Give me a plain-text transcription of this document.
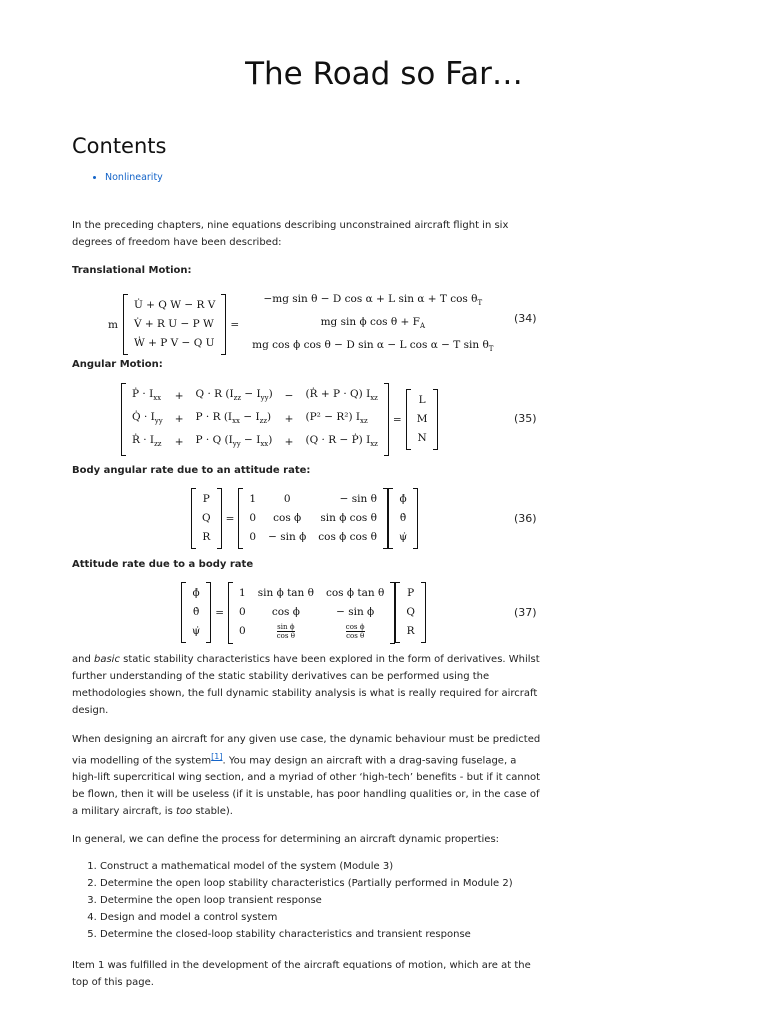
The Road so Far…
Contents
• Nonlinearity

In the preceding chapters, nine equations describing unconstrained aircraft flight in six degrees of freedom have been described:

Translational Motion:

m
U̇ + Q W − R V
V̇ + R U − P W
Ẇ + P V − Q U
=
−mg sin θ − D cos α + L sin α + T $\cos \theta_T$
mg sin ϕ $\cos \theta + F_A$
mg cos ϕ cos θ − D sin α − L cos α − T $\sin \theta_T$
(34)

Angular Motion:

Ṗ · $I_{xx}$	+	Q · R $(I_{zz} - I_{yy})$	−	(Ṙ + P · Q) $I_{xz}$
Q̇ · $I_{yy}$	+	P · R $(I_{xx} - I_{zz})$	+	(P² − R²) $I_{xz}$
Ṙ · $I_{zz}$	+	P · Q $(I_{yy} - I_{xx})$	+	(Q · R − Ṗ) $I_{xz}$
=
L
M
N
(35)

Body angular rate due to an attitude rate:

P
Q
R
=
1	0	− sin θ
0	cos ϕ	sin ϕ cos θ
0	− sin ϕ	cos ϕ cos θ
ϕ̇
θ̇
ψ̇
(36)

Attitude rate due to a body rate

ϕ̇
θ̇
ψ̇
=
1	sin ϕ tan θ	cos ϕ tan θ
0	cos ϕ	− sin ϕ
0	$\frac{\text{sin ϕ}}{\text{cos θ}}$	$\frac{\text{cos ϕ}}{\text{cos θ}}$
P
Q
R
(37)

and basic static stability characteristics have been explored in the form of derivatives. Whilst further understanding of the static stability derivatives can be performed using the methodologies shown, the full dynamic stability analysis is what is really required for aircraft design.

When designing an aircraft for any given use case, the dynamic behaviour must be predicted via modelling of the system[1]. You may design an aircraft with a drag-saving fuselage, a high-lift supercritical wing section, and a myriad of other ‘high-tech’ benefits - but if it cannot be flown, then it will be useless (if it is unstable, has poor handling qualities or, in the case of a military aircraft, is too stable).

In general, we can define the process for determining an aircraft dynamic properties:

1. Construct a mathematical model of the system (Module 3)
2. Determine the open loop stability characteristics (Partially performed in Module 2)
3. Determine the open loop transient response
4. Design and model a control system
5. Determine the closed-loop stability characteristics and transient response

Item 1 was fulfilled in the development of the aircraft equations of motion, which are at the top of this page.
